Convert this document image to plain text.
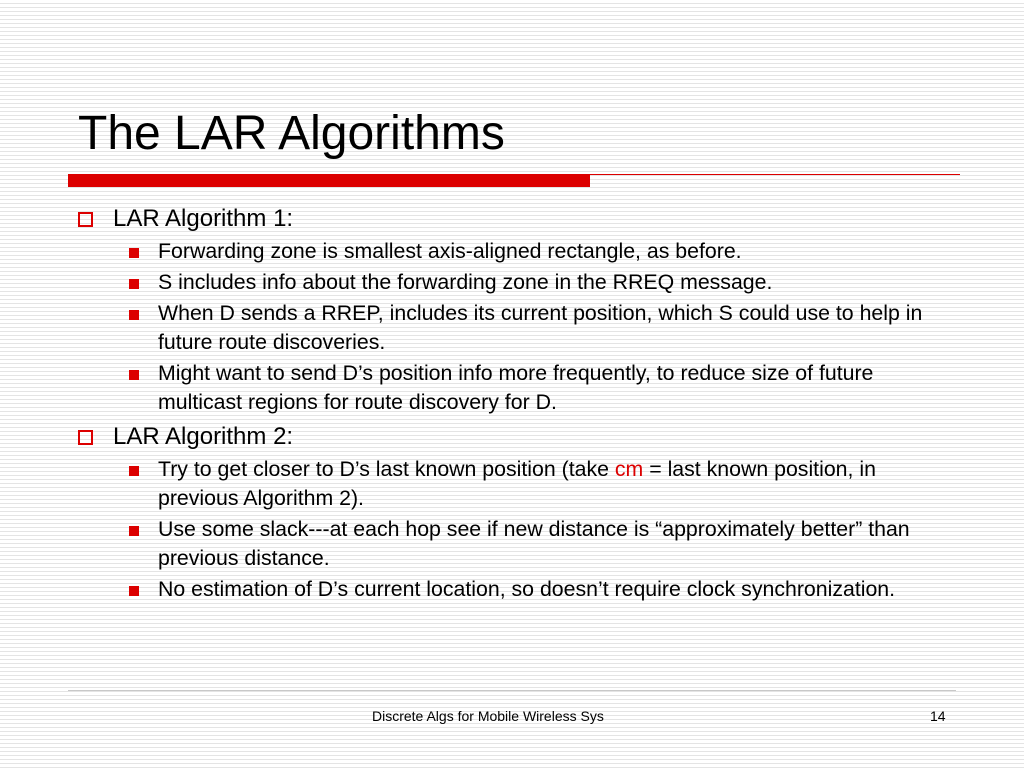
The LAR Algorithms
LAR Algorithm 1:
Forwarding zone is smallest axis-aligned rectangle, as before.
S includes info about the forwarding zone in the RREQ message.
When D sends a RREP, includes its current position, which S could use to help in future route discoveries.
Might want to send D’s position info more frequently, to reduce size of future multicast regions for route discovery for D.
LAR Algorithm 2:
Try to get closer to D’s last known position (take cm = last known position, in previous Algorithm 2).
Use some slack---at each hop see if new distance is “approximately better” than previous distance.
No estimation of D’s current location, so doesn’t require clock synchronization.
Discrete Algs for Mobile Wireless Sys	14
